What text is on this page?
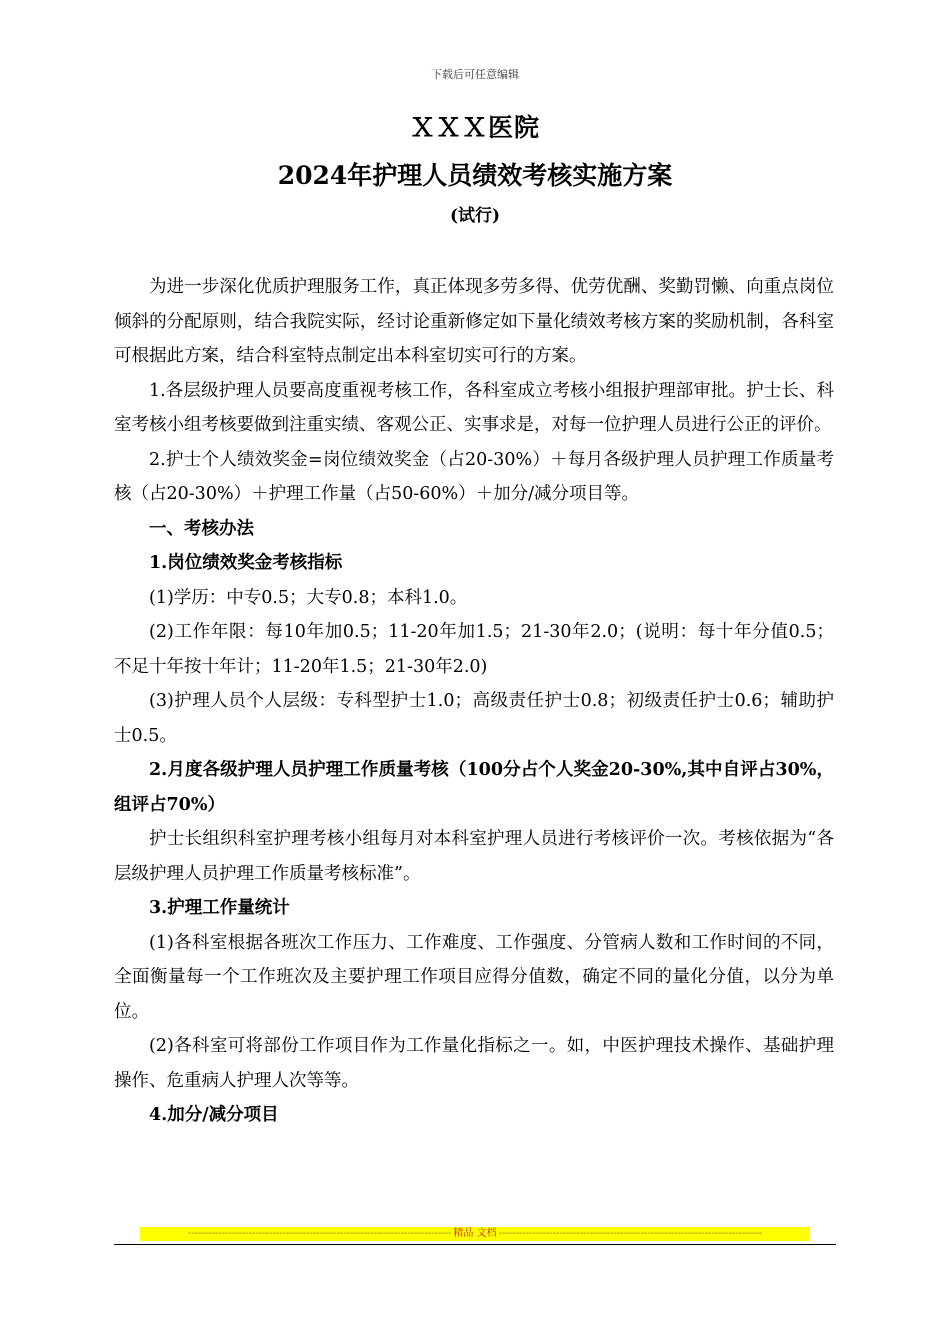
下载后可任意编辑
ＸＸＸ医院
2024年护理人员绩效考核实施方案
(试行)

为进一步深化优质护理服务工作，真正体现多劳多得、优劳优酬、奖勤罚懒、向重点岗位倾斜的分配原则，结合我院实际，经讨论重新修定如下量化绩效考核方案的奖励机制，各科室可根据此方案，结合科室特点制定出本科室切实可行的方案。

1.各层级护理人员要高度重视考核工作，各科室成立考核小组报护理部审批。护士长、科室考核小组考核要做到注重实绩、客观公正、实事求是，对每一位护理人员进行公正的评价。

2.护士个人绩效奖金=岗位绩效奖金（占20-30%）＋每月各级护理人员护理工作质量考核（占20-30%）＋护理工作量（占50-60%）＋加分/减分项目等。

一、考核办法

1.岗位绩效奖金考核指标

(1)学历：中专0.5；大专0.8；本科1.0。

(2)工作年限：每10年加0.5；11-20年加1.5；21-30年2.0；(说明：每十年分值0.5；不足十年按十年计；11-20年1.5；21-30年2.0)

(3)护理人员个人层级：专科型护士1.0；高级责任护士0.8；初级责任护士0.6；辅助护士0.5。

2.月度各级护理人员护理工作质量考核（100分占个人奖金20-30%,其中自评占30%，组评占70%）

护士长组织科室护理考核小组每月对本科室护理人员进行考核评价一次。考核依据为“各层级护理人员护理工作质量考核标准”。

3.护理工作量统计

(1)各科室根据各班次工作压力、工作难度、工作强度、分管病人数和工作时间的不同，全面衡量每一个工作班次及主要护理工作项目应得分值数，确定不同的量化分值，以分为单位。

(2)各科室可将部份工作项目作为工作量化指标之一。如，中医护理技术操作、基础护理操作、危重病人护理人次等等。

4.加分/减分项目

------------------------------------------------------------------------------ 精品 文档 ------------------------------------------------------------------------------
